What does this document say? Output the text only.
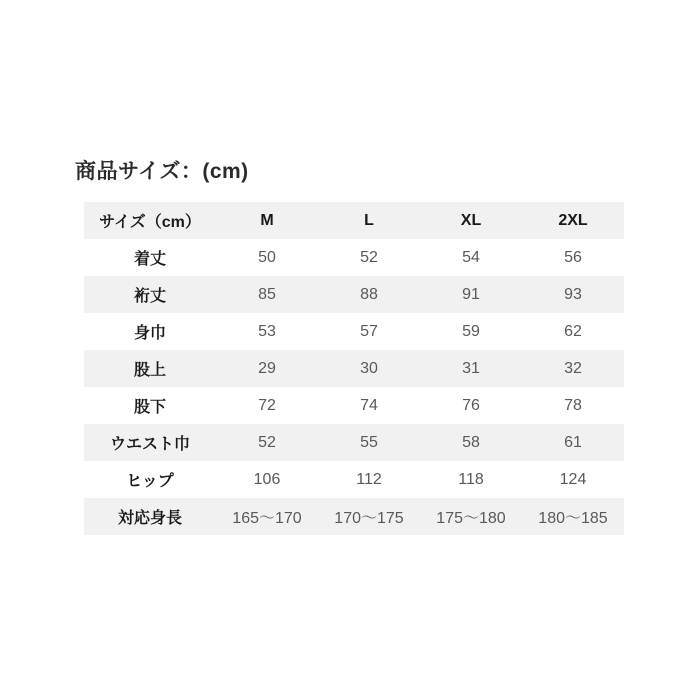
商品サイズ：(cm)
サイズ（cm）	M	L	XL	2XL
着丈	50	52	54	56
裄丈	85	88	91	93
身巾	53	57	59	62
股上	29	30	31	32
股下	72	74	76	78
ウエスト巾	52	55	58	61
ヒップ	106	112	118	124
対応身長	165〜170	170〜175	175〜180	180〜185
